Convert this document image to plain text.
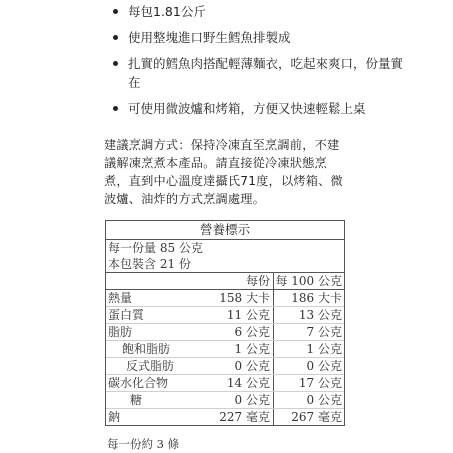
每包1.81公斤
使用整塊進口野生鱈魚排製成
扎實的鱈魚肉搭配輕薄麵衣，吃起來爽口，份量實在
可使用微波爐和烤箱，方便又快速輕鬆上桌

建議烹調方式：保持冷凍直至烹調前，不建議解凍烹煮本產品。請直接從冷凍狀態烹煮，直到中心溫度達攝氏71度，以烤箱、微波爐、油炸的方式烹調處理。

營養標示
每一份量 85 公克
本包裝含 21 份
每份 每 100 公克
熱量	158 大卡	186 大卡
蛋白質	11 公克	13 公克
脂肪	6 公克	7 公克
飽和脂肪	1 公克	1 公克
反式脂肪	0 公克	0 公克
碳水化合物	14 公克	17 公克
糖	0 公克	0 公克
鈉	227 毫克	267 毫克

每一份約 3 條
